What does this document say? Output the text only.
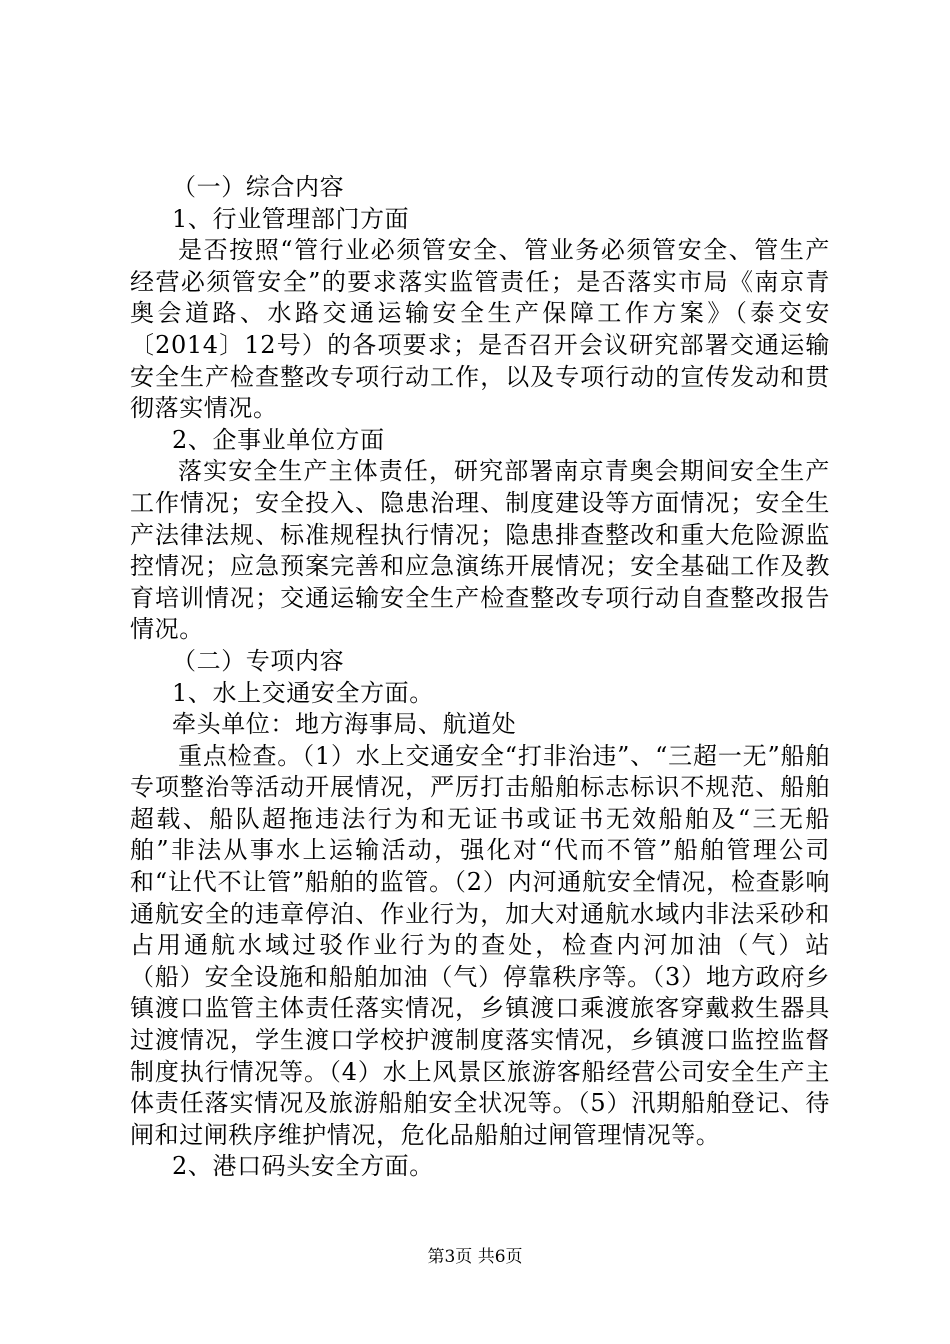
（一）综合内容

1、行业管理部门方面

是否按照“管行业必须管安全、管业务必须管安全、管生产经营必须管安全”的要求落实监管责任；是否落实市局《南京青奥会道路、水路交通运输安全生产保障工作方案》（泰交安〔2014〕12号）的各项要求；是否召开会议研究部署交通运输安全生产检查整改专项行动工作，以及专项行动的宣传发动和贯彻落实情况。

2、企事业单位方面

落实安全生产主体责任，研究部署南京青奥会期间安全生产工作情况；安全投入、隐患治理、制度建设等方面情况；安全生产法律法规、标准规程执行情况；隐患排查整改和重大危险源监控情况；应急预案完善和应急演练开展情况；安全基础工作及教育培训情况；交通运输安全生产检查整改专项行动自查整改报告情况。

（二）专项内容

1、水上交通安全方面。

牵头单位：地方海事局、航道处

重点检查。（1）水上交通安全“打非治违”、“三超一无”船舶专项整治等活动开展情况，严厉打击船舶标志标识不规范、船舶超载、船队超拖违法行为和无证书或证书无效船舶及“三无船舶”非法从事水上运输活动，强化对“代而不管”船舶管理公司和“让代不让管”船舶的监管。（2）内河通航安全情况，检查影响通航安全的违章停泊、作业行为，加大对通航水域内非法采砂和占用通航水域过驳作业行为的查处，检查内河加油（气）站（船）安全设施和船舶加油（气）停靠秩序等。（3）地方政府乡镇渡口监管主体责任落实情况，乡镇渡口乘渡旅客穿戴救生器具过渡情况，学生渡口学校护渡制度落实情况，乡镇渡口监控监督制度执行情况等。（4）水上风景区旅游客船经营公司安全生产主体责任落实情况及旅游船舶安全状况等。（5）汛期船舶登记、待闸和过闸秩序维护情况，危化品船舶过闸管理情况等。

2、港口码头安全方面。

第3页 共6页
